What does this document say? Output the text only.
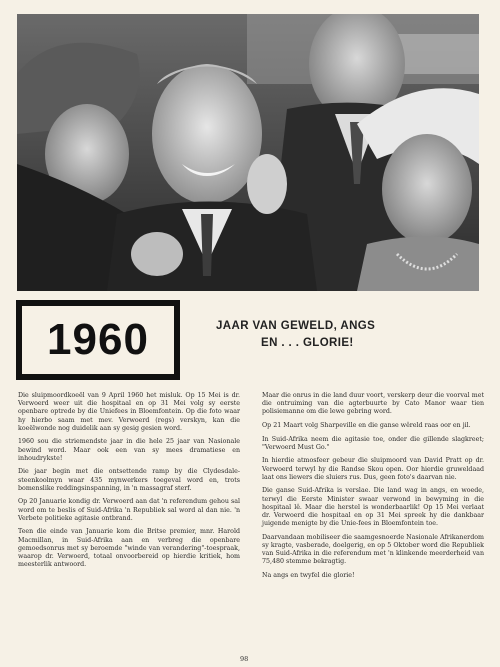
1960	JAAR VAN GEWELD, ANGS
EN . . . GLORIE!

Die sluipmoordkoeël van 9 April 1960 het misluk. Op 15 Mei is dr. Verwoerd weer uit die hospitaal en op 31 Mei volg sy eerste openbare optrede by die Uniefees in Bloemfontein. Op die foto waar hy hierbo saam met mev. Verwoerd (regs) verskyn, kan die koeëlwonde nog duidelik aan sy gesig gesien word.

1960 sou die striemendste jaar in die hele 25 jaar van Nasionale bewind word. Maar ook een van sy mees dramatiese en inhoudrykste!

Die jaar begin met die ontsettende ramp by die Clydesdale-steenkoolmyn waar 435 mynwerkers toegeval word en, trots bomenslike reddingsinspanning, in 'n massagraf sterf.

Op 20 Januarie kondig dr. Verwoerd aan dat 'n referendum gehou sal word om te beslis of Suid-Afrika 'n Republiek sal word al dan nie. 'n Verbete politieke agitasie ontbrand.

Teen die einde van Januarie kom die Britse premier, mnr. Harold Macmillan, in Suid-Afrika aan en verbreg die openbare gemoedsonrus met sy beroemde "winde van verandering"-toespraak, waarop dr. Verwoerd, totaal onvoorbereid op hierdie kritiek, hom meesterlik antwoord.

Maar die onrus in die land duur voort, verskerp deur die voorval met die ontruiming van die agterbuurte by Cato Manor waar tien polisiemanne om die lewe gebring word.

Op 21 Maart volg Sharpeville en die ganse wêreld raas oor en jil.

In Suid-Afrika neem die agitasie toe, onder die gillende slagkreet; "Verwoerd Must Go."

In hierdie atmosfeer gebeur die sluipmoord van David Pratt op dr. Verwoerd terwyl hy die Randse Skou open. Oor hierdie gruweldaad laat ons liewers die sluiers rus. Dus, geen foto's daarvan nie.

Die ganse Suid-Afrika is verslae. Die land wag in angs, en woede, terwyl die Eerste Minister swaar verwond in bewyming in die hospitaal lê. Maar die herstel is wonderbaarlik! Op 15 Mei verlaat dr. Verwoerd die hospitaal en op 31 Mei spreek hy die dankbaar juigende menigte by die Unie-fees in Bloemfontein toe.

Daarvandaan mobiliseer die saamgesnoerde Nasionale Afrikanerdom sy kragte, vasberade, doelgerig, en op 5 Oktober word die Republiek van Suid-Afrika in die referendum met 'n klinkende meerderheid van 75,480 stemme bekragtig.

Na angs en twyfel die glorie!

98
